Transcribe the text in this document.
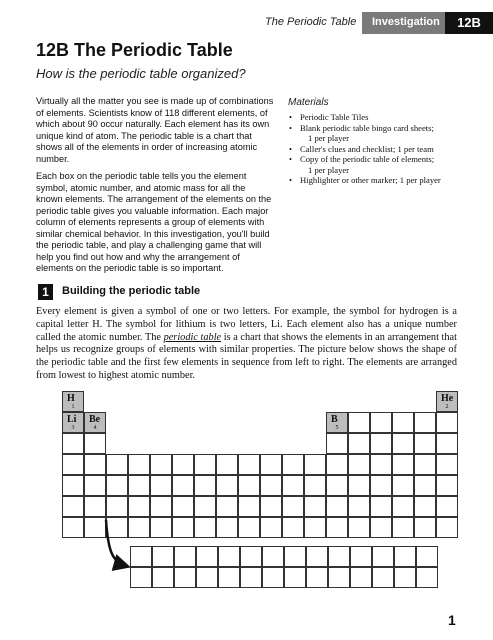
The Periodic Table Investigation	12B
12B The Periodic Table
How is the periodic table organized?

Virtually all the matter you see is made up of combinations of elements. Scientists know of 118 different elements, of which about 90 occur naturally. Each element has its own unique kind of atom. The periodic table is a chart that shows all of the elements in order of increasing atomic number.

Each box on the periodic table tells you the element symbol, atomic number, and atomic mass for all the known elements. The arrangement of the elements on the periodic table gives you valuable information. Each major column of elements represents a group of elements with similar chemical behavior. In this investigation, you'll build the periodic table, and play a challenging game that will help you find out how and why the arrangement of elements on the periodic table is so important.

Materials
• Periodic Table Tiles
• Blank periodic table bingo card sheets;
1 per player
• Caller's clues and checklist; 1 per team
• Copy of the periodic table of elements;
1 per player
• Highlighter or other marker; 1 per player
1	Building the periodic table
Every element is given a symbol of one or two letters. For example, the symbol for hydrogen is a capital letter H. The symbol for lithium is two letters, Li. Each element also has a unique number called the atomic number. The periodic table is a chart that shows the elements in an arrangement that helps us recognize groups of elements with similar properties. The picture below shows the shape of the periodic table and the first few elements in sequence from left to right. The elements are arranged from lowest to highest atomic number.
H
1
He
2
Li
3
Be
4
B
5
1
